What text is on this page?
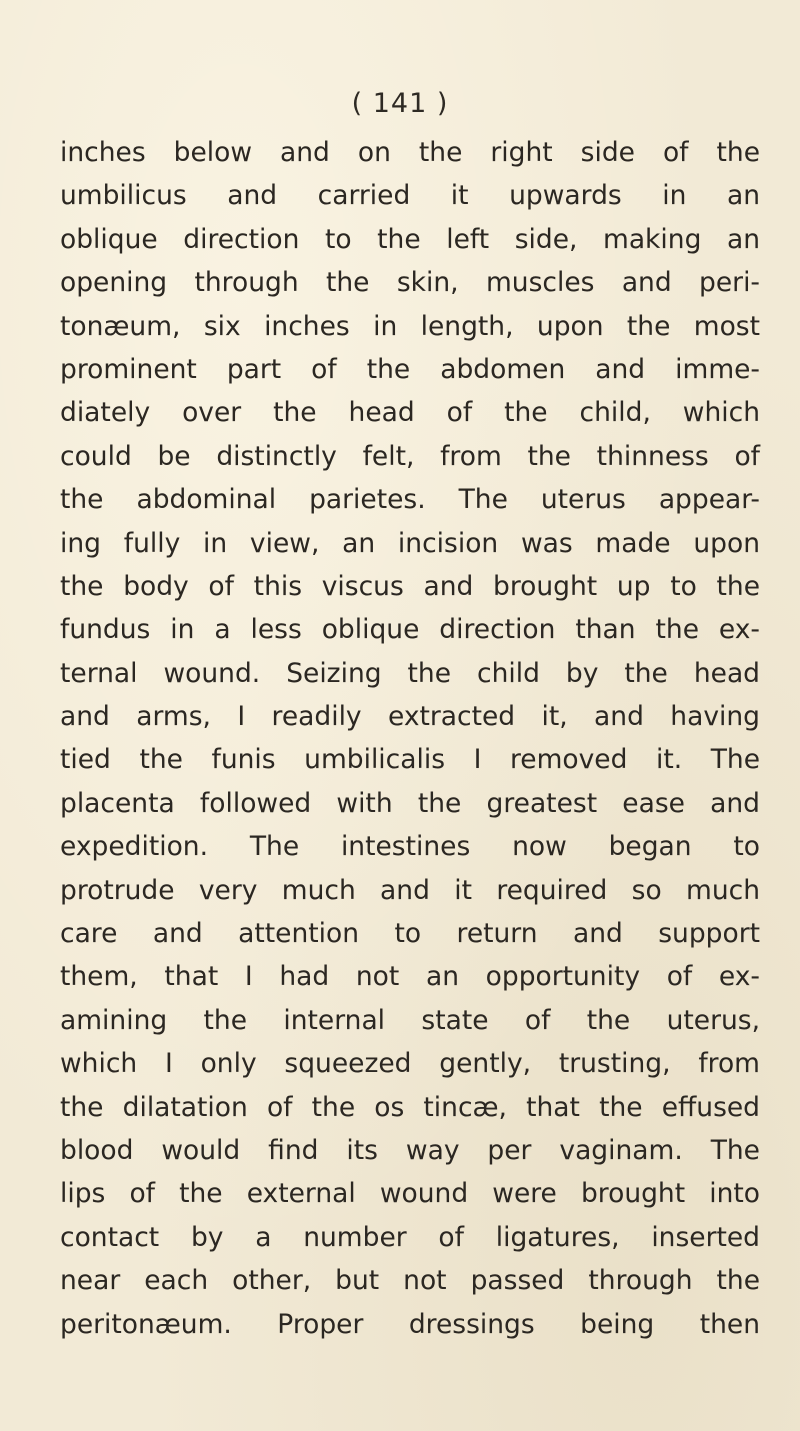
( 141 )
inches below and on the right side of the
umbilicus and carried it upwards in an
oblique direction to the left side, making an
opening through the skin, muscles and peri-
tonæum, six inches in length, upon the most
prominent part of the abdomen and imme-
diately over the head of the child, which
could be distinctly felt, from the thinness of
the abdominal parietes. The uterus appear-
ing fully in view, an incision was made upon
the body of this viscus and brought up to the
fundus in a less oblique direction than the ex-
ternal wound. Seizing the child by the head
and arms, I readily extracted it, and having
tied the funis umbilicalis I removed it. The
placenta followed with the greatest ease and
expedition. The intestines now began to
protrude very much and it required so much
care and attention to return and support
them, that I had not an opportunity of ex-
amining the internal state of the uterus,
which I only squeezed gently, trusting, from
the dilatation of the os tincæ, that the effused
blood would find its way per vaginam. The
lips of the external wound were brought into
contact by a number of ligatures, inserted
near each other, but not passed through the
peritonæum. Proper dressings being then
